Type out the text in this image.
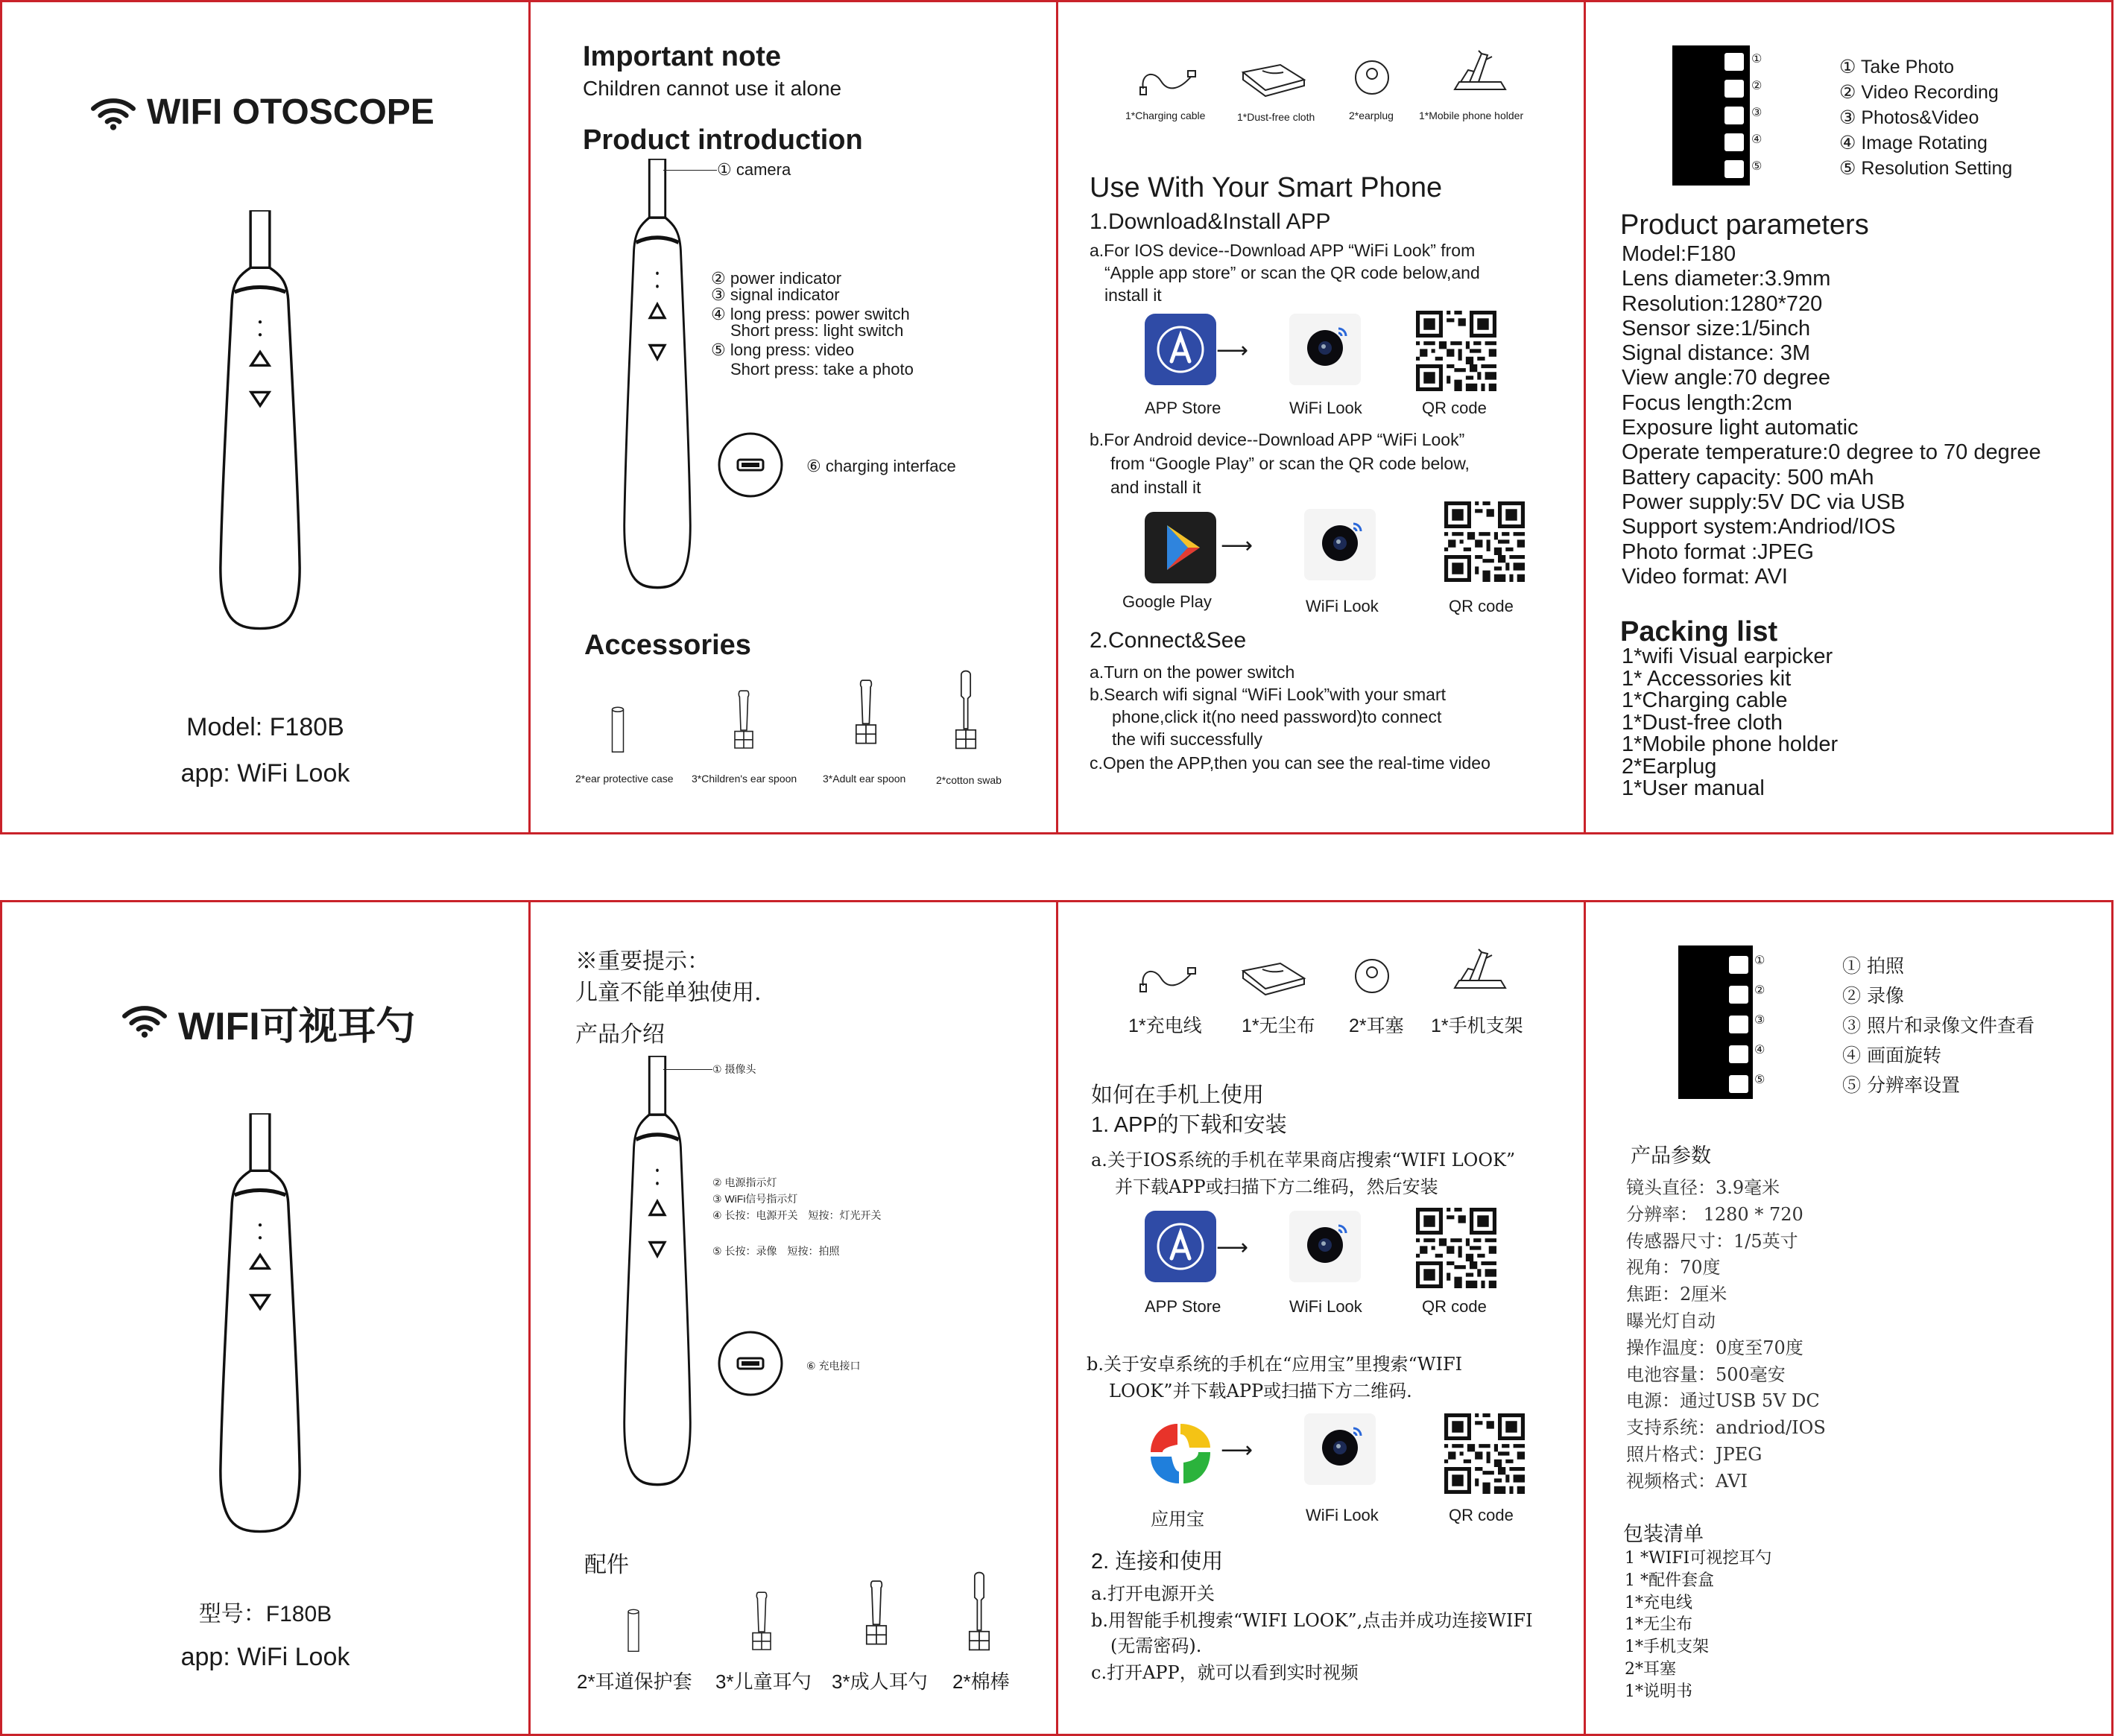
WIFI OTOSCOPE
Model: F180B
app: WiFi Look
Important note
Children cannot use it alone
Product introduction
① camera
② power indicator
③ signal indicator
④ long press: power switch
Short press: light switch
⑤ long press: video
Short press: take a photo
⑥ charging interface
Accessories
2*ear protective case 3*Children's ear spoon 3*Adult ear spoon	2*cotton swab
1*Charging cable	1*Dust-free cloth	2*earplug 1*Mobile phone holder
Use With Your Smart Phone
1.Download&Install APP
a.For IOS device--Download APP “WiFi Look” from
“Apple app store” or scan the QR code below,and
install it
⟶
APP Store	WiFi Look	QR code
b.For Android device--Download APP “WiFi Look”
from “Google Play” or scan the QR code below,
and install it
⟶
Google Play	WiFi Look	QR code
2.Connect&See
a.Turn on the power switch
b.Search wifi signal “WiFi Look”with your smart
phone,click it(no need password)to connect
the wifi successfully
c.Open the APP,then you can see the real-time video
①
②
③
④
⑤
① Take Photo
② Video Recording
③ Photos&Video
④ Image Rotating
⑤ Resolution Setting
Product parameters
Model:F180
Lens diameter:3.9mm
Resolution:1280*720
Sensor size:1/5inch
Signal distance: 3M
View angle:70 degree
Focus length:2cm
Exposure light automatic
Operate temperature:0 degree to 70 degree
Battery capacity: 500 mAh
Power supply:5V DC via USB
Support system:Andriod/IOS
Photo format :JPEG
Video format: AVI
Packing list
1*wifi Visual earpicker
1* Accessories kit
1*Charging cable
1*Dust-free cloth
1*Mobile phone holder
2*Earplug
1*User manual
WIFI可视耳勺
型号：F180B
app: WiFi Look
※重要提示：
儿童不能单独使用.
产品介绍
① 摄像头
② 电源指示灯
③ WiFi信号指示灯
④ 长按：电源开关　短按：灯光开关
⑤ 长按：录像　短按：拍照
⑥ 充电接口
配件
2*耳道保护套 3*儿童耳勺 3*成人耳勺 2*棉棒
1*充电线 1*无尘布 2*耳塞 1*手机支架
如何在手机上使用
1. APP的下载和安装
a.关于IOS系统的手机在苹果商店搜索“WIFI LOOK”
并下载APP或扫描下方二维码，然后安装
⟶
APP Store	WiFi Look	QR code
b.关于安卓系统的手机在“应用宝”里搜索“WIFI
LOOK”并下载APP或扫描下方二维码.
⟶
应用宝	WiFi Look	QR code
2. 连接和使用
a.打开电源开关
b.用智能手机搜索“WIFI LOOK”,点击并成功连接WIFI
(无需密码).
c.打开APP，就可以看到实时视频
①
②
③
④
⑤
① 拍照
② 录像
③ 照片和录像文件查看
④ 画面旋转
⑤ 分辨率设置
产品参数
镜头直径：3.9毫米
分辨率： 1280 * 720
传感器尺寸：1/5英寸
视角：70度
焦距：2厘米
曝光灯自动
操作温度：0度至70度
电池容量：500毫安
电源：通过USB 5V DC
支持系统：andriod/IOS
照片格式：JPEG
视频格式：AVI
包装清单
1 *WIFI可视挖耳勺
1 *配件套盒
1*充电线
1*无尘布
1*手机支架
2*耳塞
1*说明书
